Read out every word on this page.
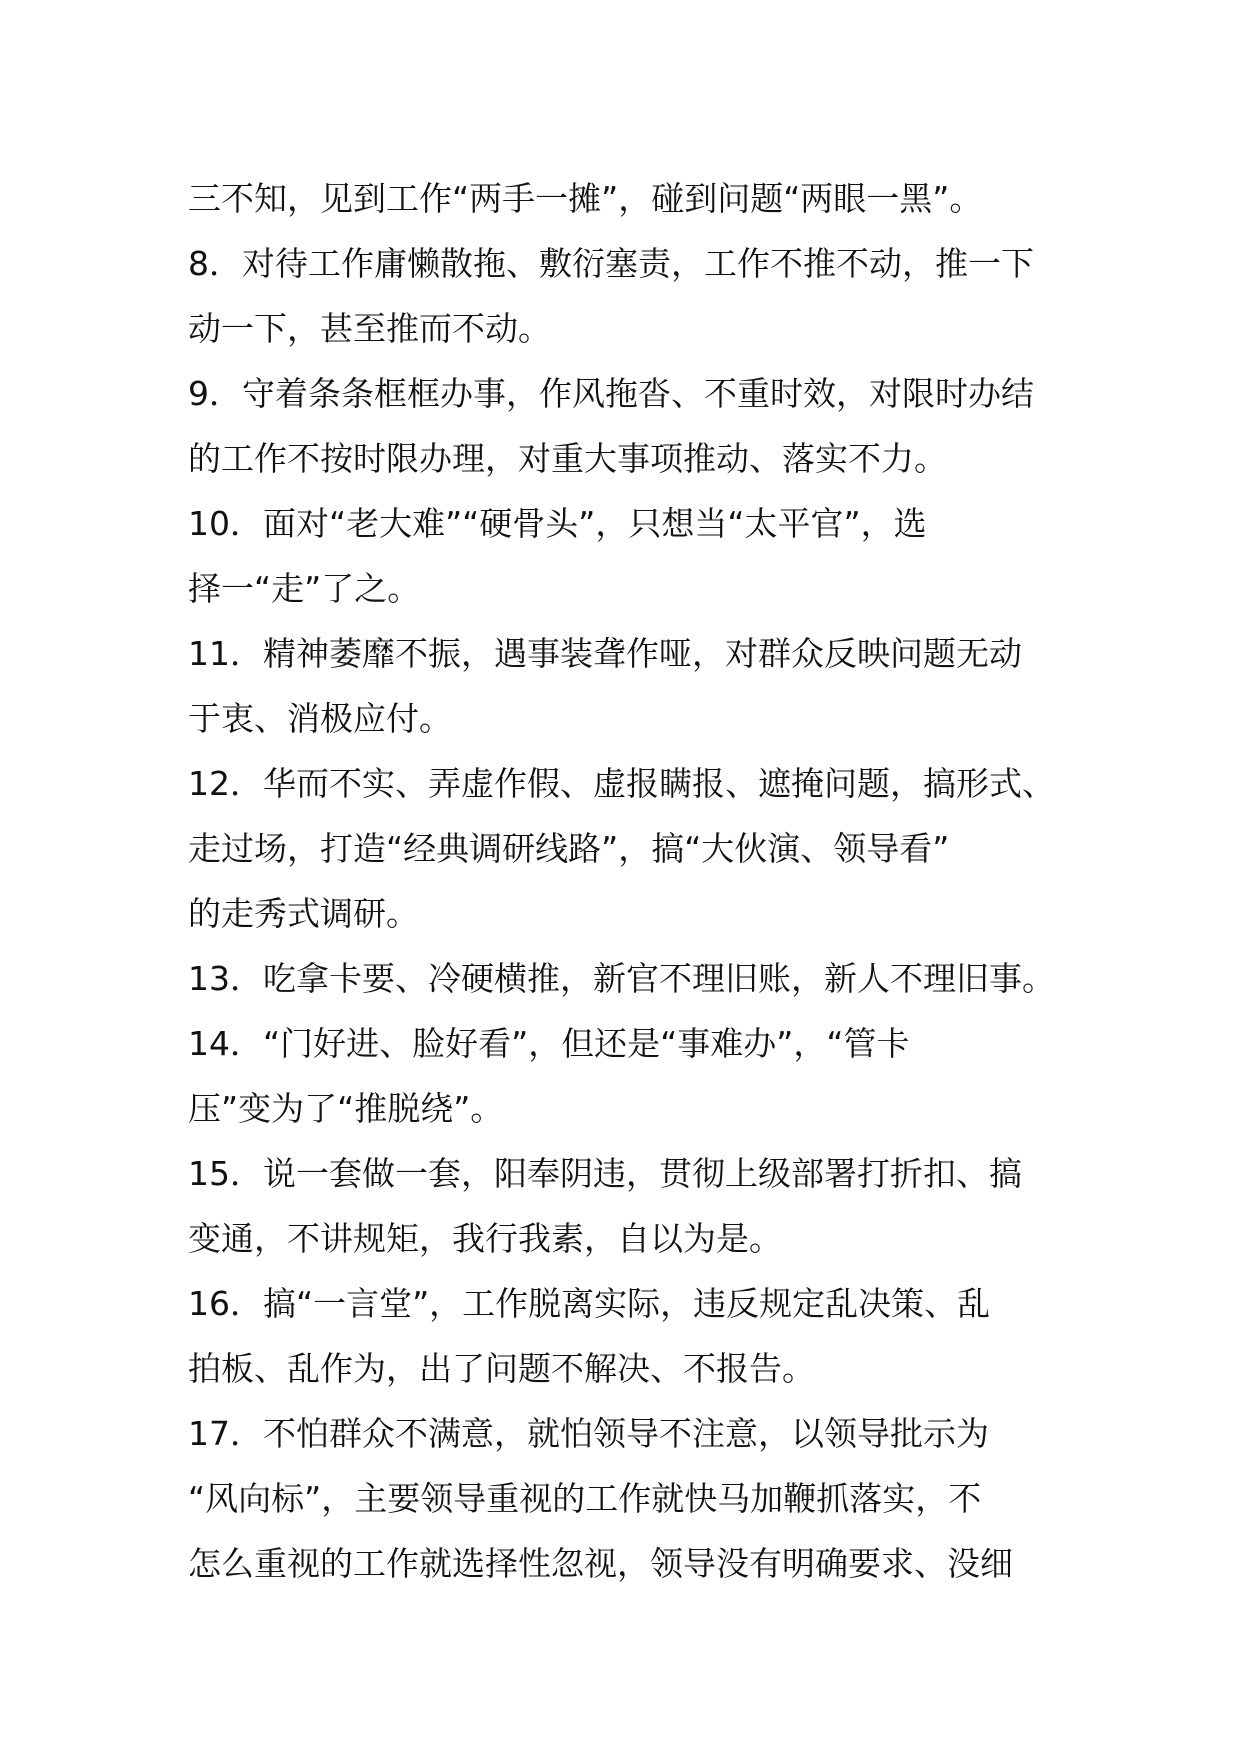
三不知，见到工作“两手一摊”，碰到问题“两眼一黑”。
8．对待工作庸懒散拖、敷衍塞责，工作不推不动，推一下
动一下，甚至推而不动。
9．守着条条框框办事，作风拖沓、不重时效，对限时办结
的工作不按时限办理，对重大事项推动、落实不力。
10．面对“老大难”“硬骨头”，只想当“太平官”，选
择一“走”了之。
11．精神萎靡不振，遇事装聋作哑，对群众反映问题无动
于衷、消极应付。
12．华而不实、弄虚作假、虚报瞒报、遮掩问题，搞形式、
走过场，打造“经典调研线路”，搞“大伙演、领导看”
的走秀式调研。
13．吃拿卡要、冷硬横推，新官不理旧账，新人不理旧事。
14．“门好进、脸好看”，但还是“事难办”，“管卡
压”变为了“推脱绕”。
15．说一套做一套，阳奉阴违，贯彻上级部署打折扣、搞
变通，不讲规矩，我行我素，自以为是。
16．搞“一言堂”，工作脱离实际，违反规定乱决策、乱
拍板、乱作为，出了问题不解决、不报告。
17．不怕群众不满意，就怕领导不注意，以领导批示为
“风向标”，主要领导重视的工作就快马加鞭抓落实，不
怎么重视的工作就选择性忽视，领导没有明确要求、没细
